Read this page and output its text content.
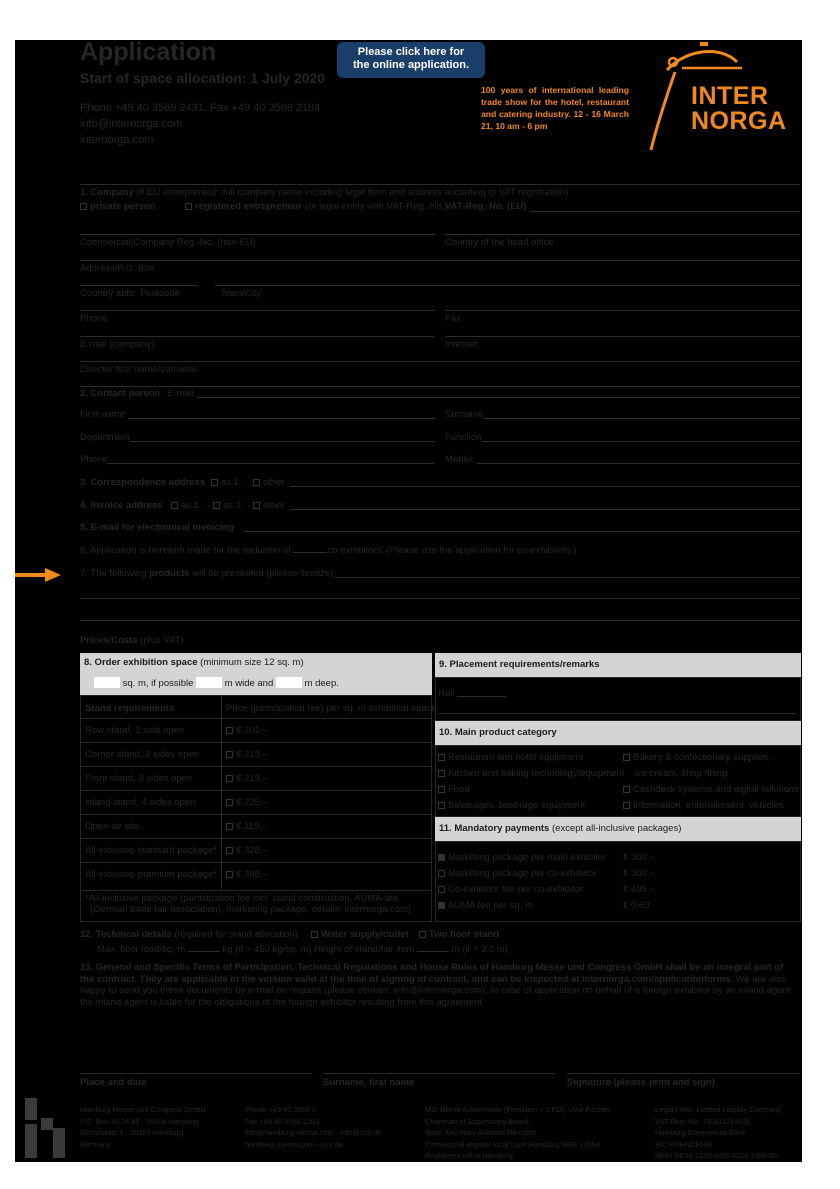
Application
Start of space allocation: 1 July 2020
Phone +49 40 3569 2431, Fax +49 40 3569 2184
info@internorga.com
internorga.com
Please click here for
the online application.
100 years of international leading trade show for the hotel, restaurant and catering industry. 12 - 16 March 21, 10 am - 6 pm
INTER
NORGA
1. Company (if EU entrepreneur: full company name including legal form and address according to VAT registration)
private person	registered entrepreneur (or legal entity with VAT-Reg.-No.)
VAT-Reg.-No. (EU)
Commercial/Company Reg.-No. (non-EU)	Country of the head office
Address/P.O. Box
Country abbr. Postcode	Town/City
Phone	Fax
E-mail (company)	Internet
Director first name/surname
2. Contact person E-mail
First name	Surname
Department	Function
Phone	Mobile
3. Correspondence address	as 1.	other
4. Invoice address	as 1.	as 3.	other
5. E-mail for electronical invoicing
6. Application is herewith made for the inclusion of	co-exhibitors. (Please use the application for co-exhibitors.)
7. The following products will be presented (please itemize)
Prices/Costs (plus VAT)
8. Order exhibition space (minimum size 12 sq. m)
sq. m, if possible	m wide and	m deep.
Stand requirements	Price (participation fee) per sq. m exhibition space
*All-inclusive package (participation fee incl. stand construction, AUMA-fee
(German trade fair association), marketing package, details: internorga.com)
9. Placement requirements/remarks
Hall
10. Main product category
11. Mandatory payments (except all-inclusive packages)
12. Technical details (required for stand allocation)	Water supply/outlet	Two floor stand
Max. floor load/sq. m	kg (if > 450 kg/sq. m) Height of stand/fair item	m (if > 3.0 m)
13. General and Specific Terms of Participation, Technical Regulations and House Rules of Hamburg Messe und Congress GmbH shall be an integral part of the contract. They are applicable in the version valid at the time of signing of contract, and can be inspected at internorga.com/applicationforms. We are also happy to send you these documents by e-mail on request (please contact: info@internorga.com). In case of application on behalf of a foreign exhibitor by an inland agent the inland agent is liable for the obligations of the foreign exhibitor resulting from this agreement.
Place and date	Surname, first name	Signature (please print and sign)
Hamburg Messe und Congress GmbH
P.O. Box 30 24 80 · 20308 Hamburg
Messeplatz 1 · 20357 Hamburg
Germany
Phone +49 40 3569 0
Fax +49 40 3569 2203
info@hamburg-messe.com · info@cch.de
hamburg-messe.com · cch.de
MD: Bernd Aufderheide (President + CEO), Uwe Fischer
Chairman of Supervisory Board:
State Secretary Andreas Rieckhof
Commercial register local court Hamburg HRB 12054
Registered office Hamburg
Legal Form: Limited Liability Company
VAT-Reg.-No.: DE811214126
Hamburg Commercial Bank
BIC HSHNDEHH
IBAN DE16 2105 0000 0220 1300 00
Row stand, 1 side open	€ 201.–
Corner stand, 2 sides open	€ 213.–
Front stand, 3 sides open	€ 219.–
Island stand, 4 sides open	€ 225.–
Open-air site	€ 119.–
All-inclusive standard package*	€ 328.–
All-inclusive premium package*	€ 398.–
Restaurant and hotel equipment
Kitchen and baking technology/equipment
Food
Beverages, beverage equipment
Bakery & confectionary supplies,
ice cream, shop fitting
Cashdesk systems and digital solutions
Information, entertainment, vehicles
Marketing package per main exhibitor € 300.–
Marketing package per co-exhibitor	€ 300.–
Co-exhibitor fee per co-exhibitor	€ 495.–
AUMA fee per sq. m	€ 0.60
